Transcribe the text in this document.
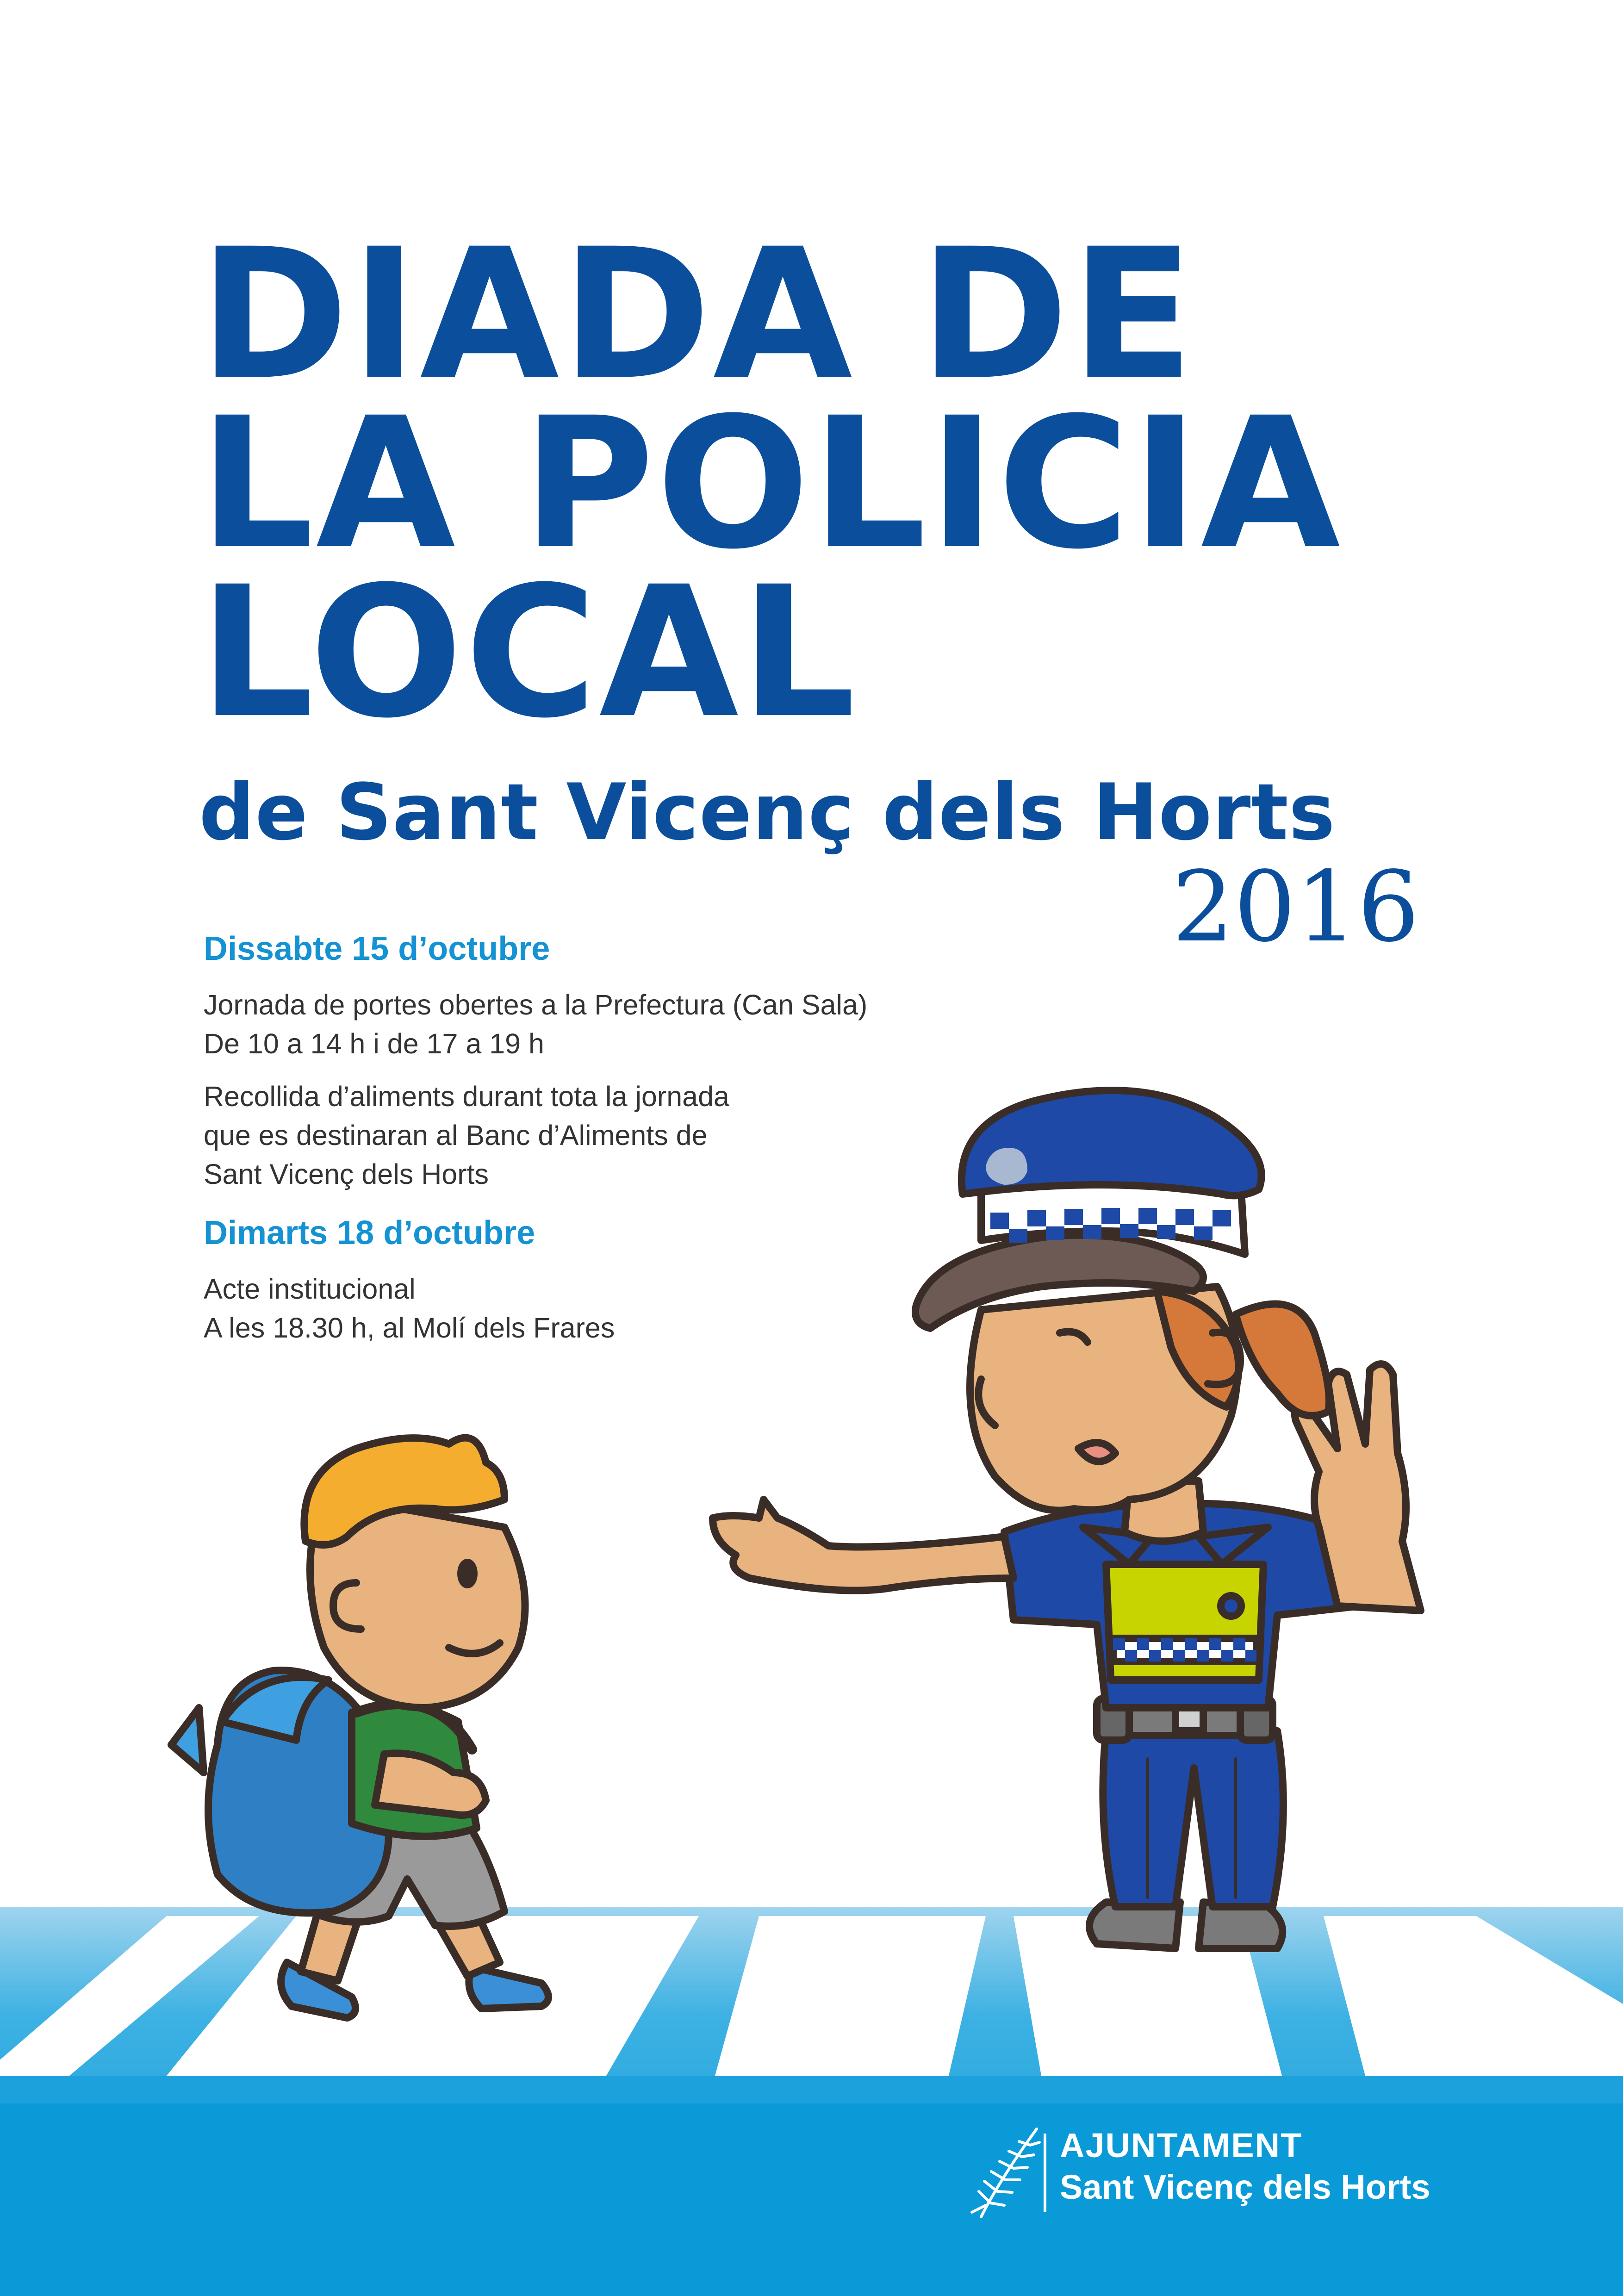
DIADA DE
LA POLICIA
LOCAL
de Sant Vicenç dels Horts
2016

Dissabte 15 d’octubre

Jornada de portes obertes a la Prefectura (Can Sala)

De 10 a 14 h i de 17 a 19 h

Recollida d’aliments durant tota la jornada

que es destinaran al Banc d’Aliments de

Sant Vicenç dels Horts

Dimarts 18 d’octubre

Acte institucional

A les 18.30 h, al Molí dels Frares

AJUNTAMENT
Sant Vicenç dels Horts
